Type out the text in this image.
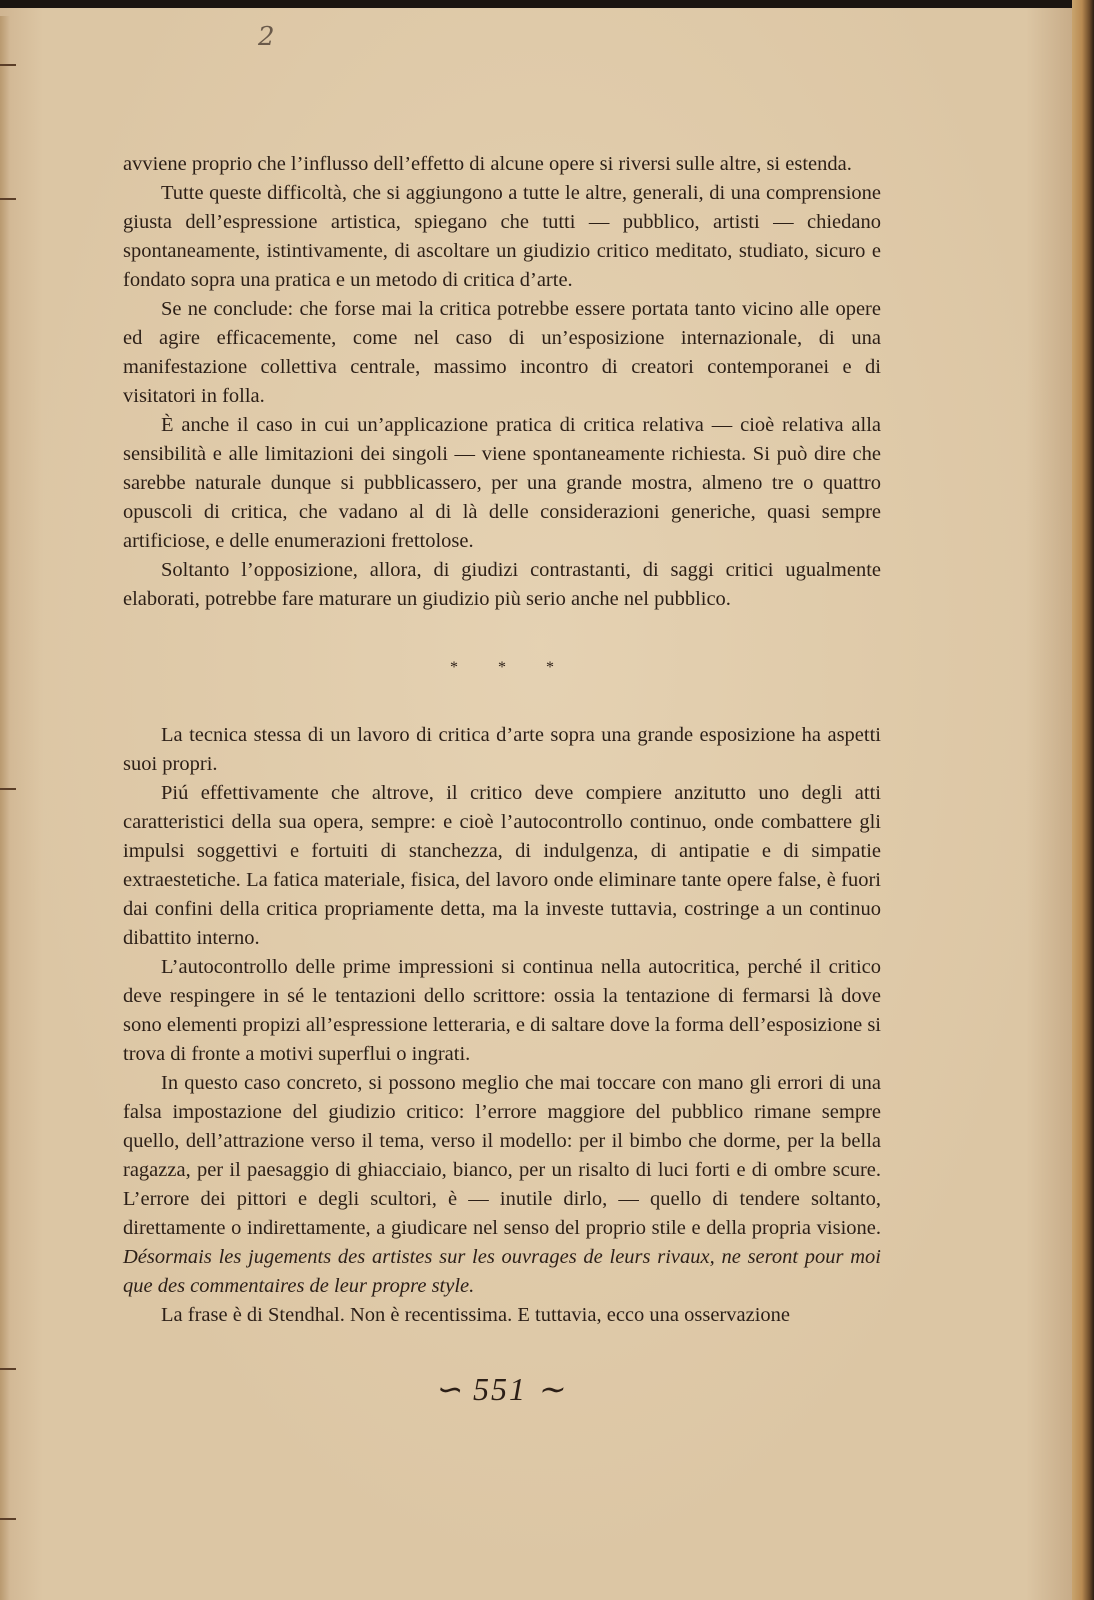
2

avviene proprio che l’influsso dell’effetto di alcune opere si riversi sulle altre, si estenda.

Tutte queste difficoltà, che si aggiungono a tutte le altre, generali, di una comprensione giusta dell’espressione artistica, spiegano che tutti — pubblico, artisti — chiedano spontaneamente, istintivamente, di ascoltare un giudizio critico meditato, studiato, sicuro e fondato sopra una pratica e un metodo di critica d’arte.

Se ne conclude: che forse mai la critica potrebbe essere portata tanto vicino alle opere ed agire efficacemente, come nel caso di un’esposizione internazionale, di una manifestazione collettiva centrale, massimo incontro di creatori contemporanei e di visitatori in folla.

È anche il caso in cui un’applicazione pratica di critica relativa — cioè relativa alla sensibilità e alle limitazioni dei singoli — viene spontaneamente richiesta. Si può dire che sarebbe naturale dunque si pubblicassero, per una grande mostra, almeno tre o quattro opuscoli di critica, che vadano al di là delle considerazioni generiche, quasi sempre artificiose, e delle enumerazioni frettolose.

Soltanto l’opposizione, allora, di giudizi contrastanti, di saggi critici ugualmente elaborati, potrebbe fare maturare un giudizio più serio anche nel pubblico.

* * *

La tecnica stessa di un lavoro di critica d’arte sopra una grande esposizione ha aspetti suoi propri.

Piú effettivamente che altrove, il critico deve compiere anzitutto uno degli atti caratteristici della sua opera, sempre: e cioè l’autocontrollo continuo, onde combattere gli impulsi soggettivi e fortuiti di stanchezza, di indulgenza, di antipatie e di simpatie extraestetiche. La fatica materiale, fisica, del lavoro onde eliminare tante opere false, è fuori dai confini della critica propriamente detta, ma la investe tuttavia, costringe a un continuo dibattito interno.

L’autocontrollo delle prime impressioni si continua nella autocritica, perché il critico deve respingere in sé le tentazioni dello scrittore: ossia la tentazione di fermarsi là dove sono elementi propizi all’espressione letteraria, e di saltare dove la forma dell’esposizione si trova di fronte a motivi superflui o ingrati.

In questo caso concreto, si possono meglio che mai toccare con mano gli errori di una falsa impostazione del giudizio critico: l’errore maggiore del pubblico rimane sempre quello, dell’attrazione verso il tema, verso il modello: per il bimbo che dorme, per la bella ragazza, per il paesaggio di ghiacciaio, bianco, per un risalto di luci forti e di ombre scure. L’errore dei pittori e degli scultori, è — inutile dirlo, — quello di tendere soltanto, direttamente o indirettamente, a giudicare nel senso del proprio stile e della propria visione. Désormais les jugements des artistes sur les ouvrages de leurs rivaux, ne seront pour moi que des commentaires de leur propre style.

La frase è di Stendhal. Non è recentissima. E tuttavia, ecco una osservazione

∽ 551 ∼
